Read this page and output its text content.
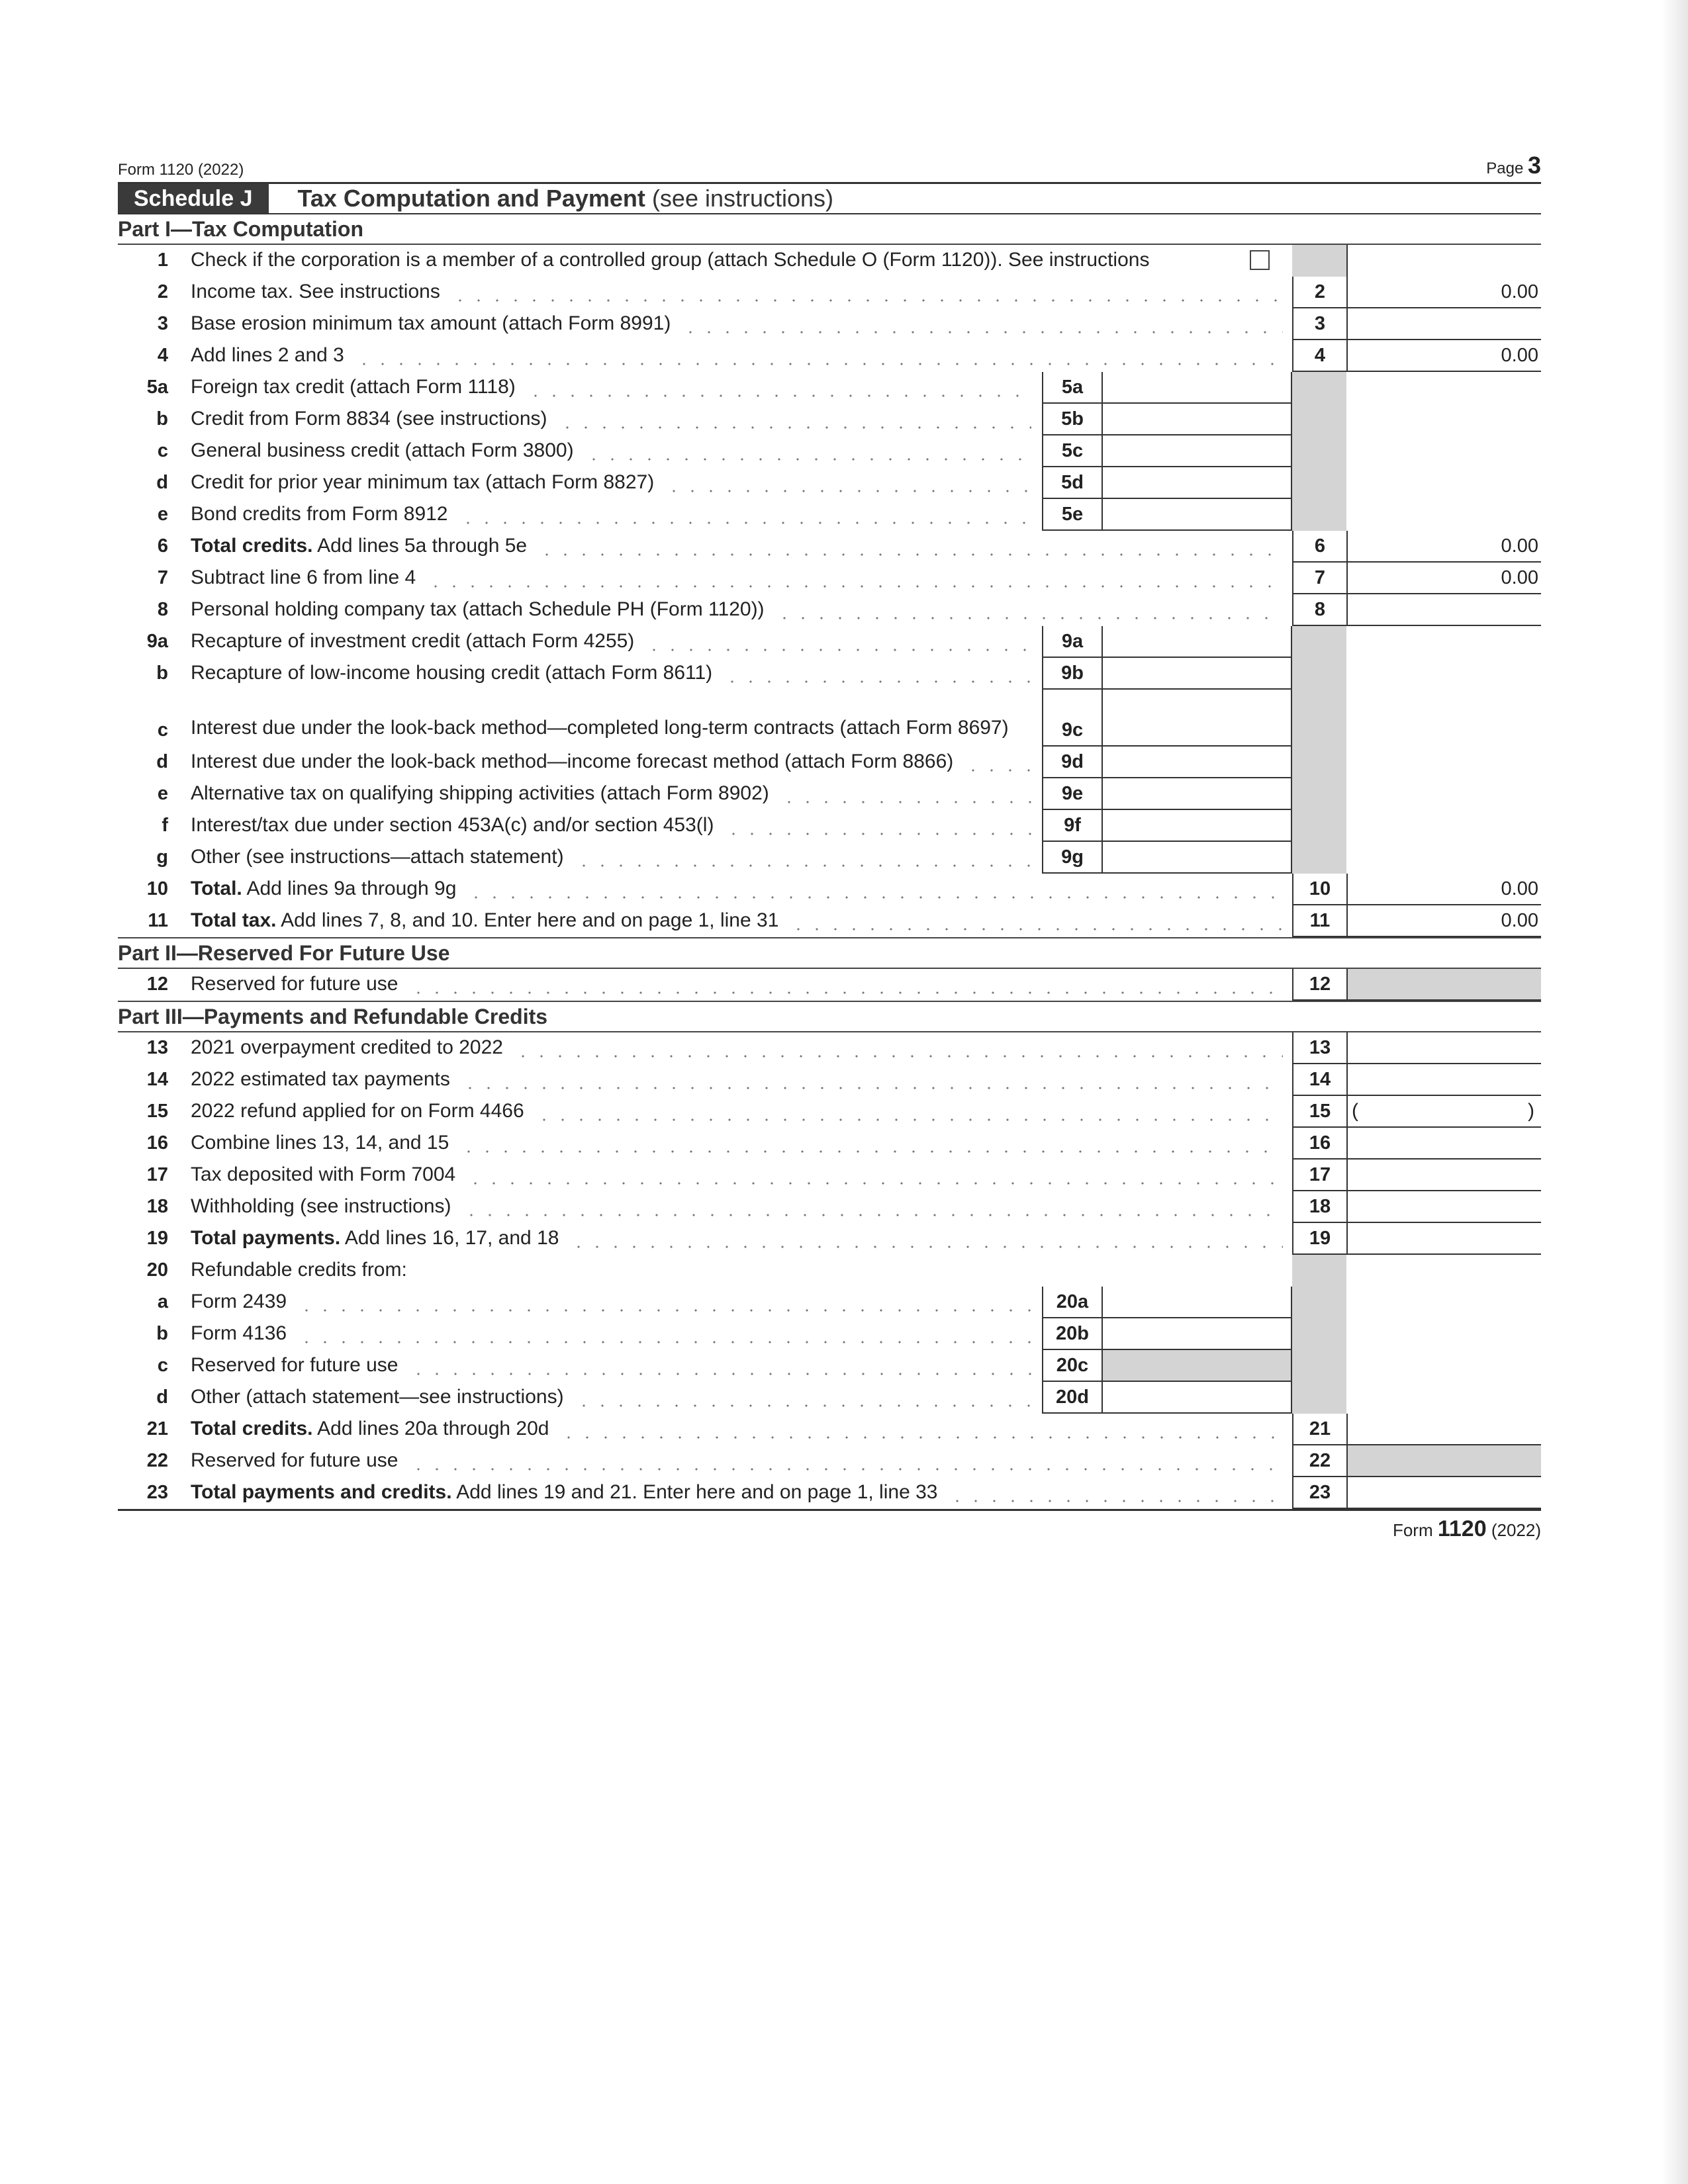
Form 1120 (2022)	Page 3
Schedule J	Tax Computation and Payment (see instructions)
Part I—Tax Computation
1 Check if the corporation is a member of a controlled group (attach Schedule O (Form 1120)). See instructions
2 Income tax. See instructions	2	0.00
3 Base erosion minimum tax amount (attach Form 8991)	3
4 Add lines 2 and 3	4	0.00
5a Foreign tax credit (attach Form 1118)	5a
b Credit from Form 8834 (see instructions)	5b
c General business credit (attach Form 3800)	5c
d Credit for prior year minimum tax (attach Form 8827)	5d
e Bond credits from Form 8912	5e
6 Total credits. Add lines 5a through 5e	6	0.00
7 Subtract line 6 from line 4	7	0.00
8 Personal holding company tax (attach Schedule PH (Form 1120))	8
9a Recapture of investment credit (attach Form 4255)	9a
b Recapture of low-income housing credit (attach Form 8611)	9b
c Interest due under the look-back method—completed long-term contracts (attach Form 8697)	9c
d Interest due under the look-back method—income forecast method (attach Form 8866)	9d
e Alternative tax on qualifying shipping activities (attach Form 8902)	9e
f Interest/tax due under section 453A(c) and/or section 453(l)	9f
g Other (see instructions—attach statement)	9g
10 Total. Add lines 9a through 9g	10	0.00
11 Total tax. Add lines 7, 8, and 10. Enter here and on page 1, line 31	11	0.00
Part II—Reserved For Future Use
12 Reserved for future use	12
Part III—Payments and Refundable Credits
13 2021 overpayment credited to 2022	13
14 2022 estimated tax payments	14
15 2022 refund applied for on Form 4466	15	(	)
16 Combine lines 13, 14, and 15	16
17 Tax deposited with Form 7004	17
18 Withholding (see instructions)	18
19 Total payments. Add lines 16, 17, and 18	19
20 Refundable credits from:
a Form 2439	20a
b Form 4136	20b
c Reserved for future use	20c
d Other (attach statement—see instructions)	20d
21 Total credits. Add lines 20a through 20d	21
22 Reserved for future use	22
23 Total payments and credits. Add lines 19 and 21. Enter here and on page 1, line 33	23
Form 1120 (2022)
